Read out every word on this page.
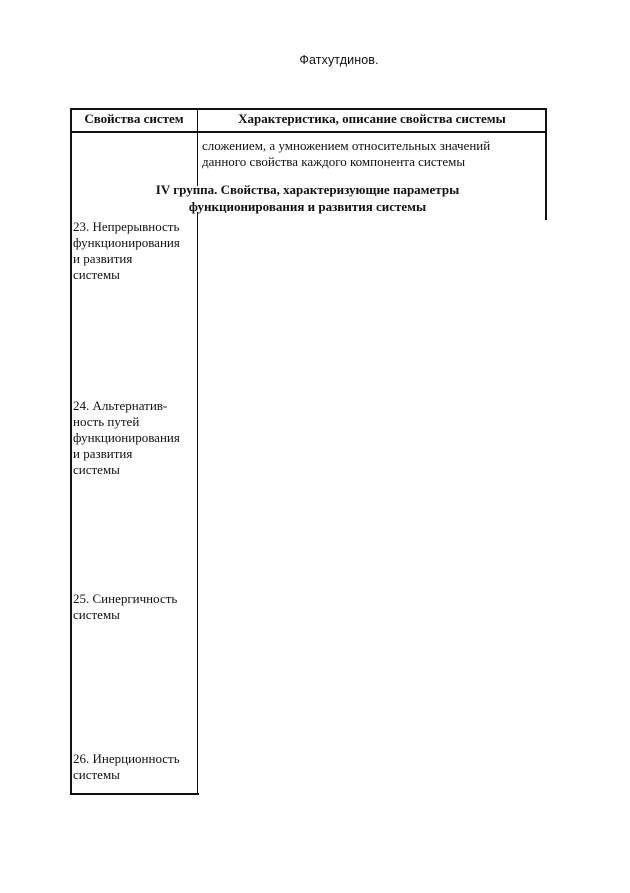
Фатхутдинов.
Свойства систем	Характеристика, описание свойства системы
сложением, а умножением относительных значений
данного свойства каждого компонента системы
IV группа. Свойства, характеризующие параметры
функционирования и развития системы
23. Непрерывность
функционирования
и развития
системы
24. Альтернатив-
ность путей
функционирования
и развития
системы
25. Синергичность
системы
26. Инерционность
системы
